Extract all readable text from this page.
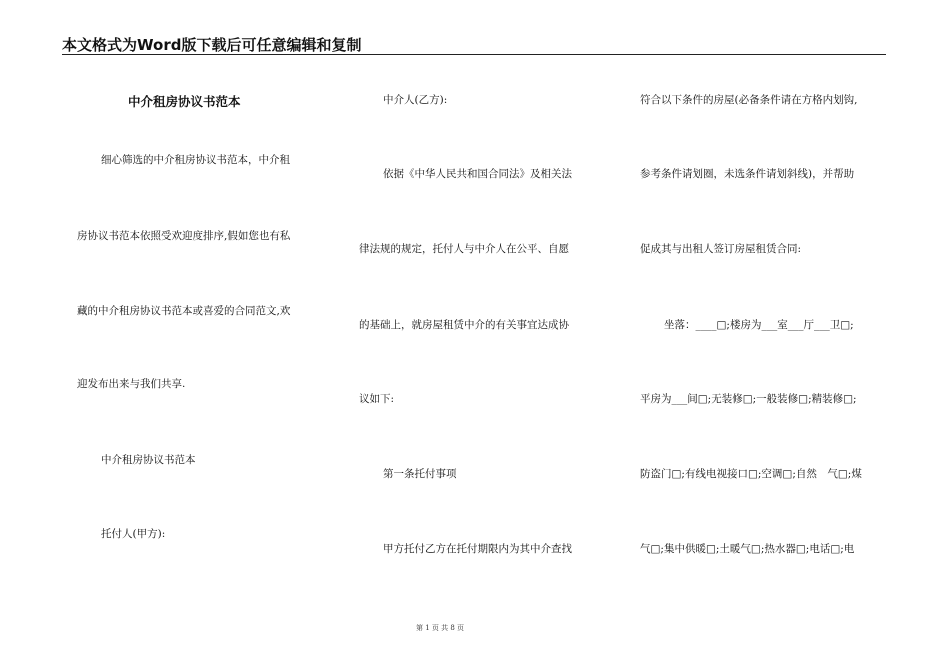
本文格式为Word版下载后可任意编辑和复制
中介租房协议书范本
细心筛选的中介租房协议书范本，中介租
房协议书范本依照受欢迎度排序,假如您也有私
藏的中介租房协议书范本或喜爱的合同范文,欢
迎发布出来与我们共享.
中介租房协议书范本
托付人(甲方):
中介人(乙方):
依据《中华人民共和国合同法》及相关法
律法规的规定，托付人与中介人在公平、自愿
的基础上，就房屋租赁中介的有关事宜达成协
议如下:
第一条托付事项
甲方托付乙方在托付期限内为其中介查找
符合以下条件的房屋(必备条件请在方格内划钩,
参考条件请划圈，未选条件请划斜线)，并帮助
促成其与出租人签订房屋租赁合同:
坐落：____□;楼房为___室___厅___卫□;
平房为___间□;无装修□;一般装修□;精装修□;
防盗门□;有线电视接口□;空调□;自然　气□;煤
气□;集中供暖□;土暖气□;热水器□;电话□;电
第 1 页 共 8 页
